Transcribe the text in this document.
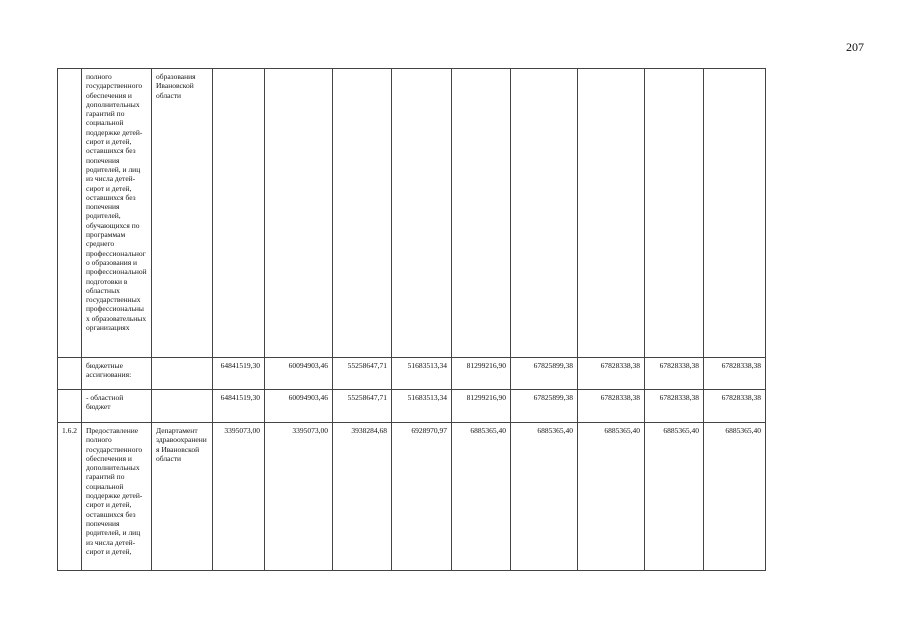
207
	полного государственного обеспечения и дополнительных гарантий по социальной поддержке детей-сирот и детей, оставшихся без попечения родителей, и лиц из числа детей-сирот и детей, оставшихся без попечения родителей, обучающихся по программам среднего профессиональног о образования и профессиональной подготовки в областных государственных профессиональны х образовательных организациях	образования Ивановской области									
	бюджетные ассигнования:		64841519,30	60094903,46	55258647,71	51683513,34	81299216,90	67825899,38	67828338,38	67828338,38	67828338,38
	- областной бюджет		64841519,30	60094903,46	55258647,71	51683513,34	81299216,90	67825899,38	67828338,38	67828338,38	67828338,38
1.6.2	Предоставление полного государственного обеспечения и дополнительных гарантий по социальной поддержке детей-сирот и детей, оставшихся без попечения родителей, и лиц из числа детей-сирот и детей,	Департамент здравоохранени я Ивановской области	3395073,00	3395073,00	3938284,68	6928970,97	6885365,40	6885365,40	6885365,40	6885365,40	6885365,40
